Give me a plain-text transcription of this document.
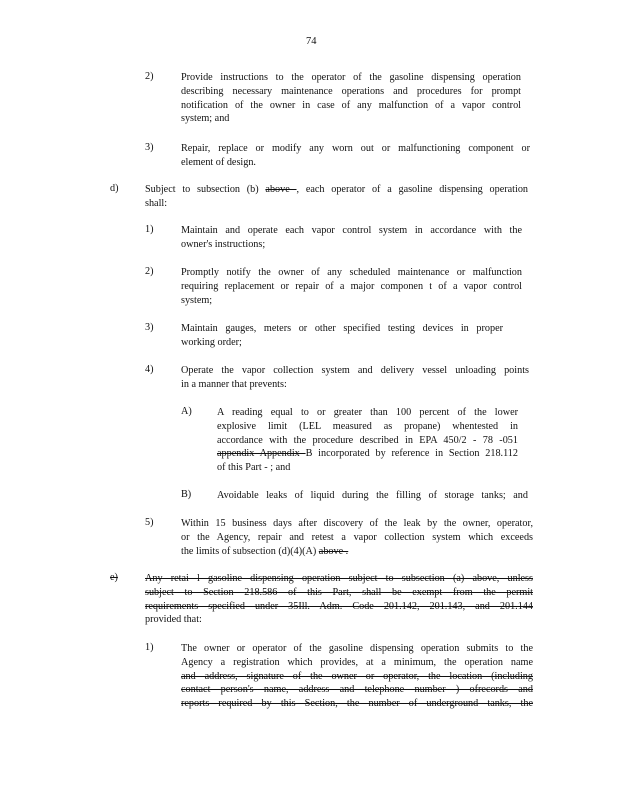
74
2)	Provide instructions to the operator of the gasoline dispensing operation
describing necessary maintenance operations and procedures for prompt
notification of the owner in case of any malfunction of a vapor control
system; and
3)	Repair, replace or modify any worn out or malfunctioning component or
element of design.
d)	Subject to subsection (b) above , each operator of a gasoline dispensing operation
shall:
1)	Maintain and operate each vapor control system in accordance with the
owner's instructions;
2)	Promptly notify the owner of any scheduled maintenance or malfunction
requiring replacement or repair of a major componen t of a vapor control
system;
3)	Maintain gauges, meters or other specified testing devices in proper
working order;
4)	Operate the vapor collection system and delivery vessel unloading points
in a manner that prevents:
A) A reading equal to or greater than 100 percent of the lower
explosive limit (LEL measured as propane) whentested in
accordance with the procedure described in EPA 450/2 - 78 -051
appendix Appendix B incorporated by reference in Section 218.112
of this Part - ; and
B)	Avoidable leaks of liquid during the filling of storage tanks; and
5)	Within 15 business days after discovery of the leak by the owner, operator,
or the Agency, repair and retest a vapor collection system which exceeds
the limits of subsection (d)(4)(A) above .
e)	Any retai l gasoline dispensing operation subject to subsection (a) above, unless
subject to Section 218.586 of this Part, shall be exempt from the permit
requirements specified under 35Ill. Adm. Code 201.142, 201.143, and 201.144
provided that:
1)	The owner or operator of the gasoline dispensing operation submits to the
Agency a registration which provides, at a minimum, the operation name
and address, signature of the owner or operator, the location (including
contact person's name, address and telephone number ) ofrecords and
reports required by this Section, the number of underground tanks, the
